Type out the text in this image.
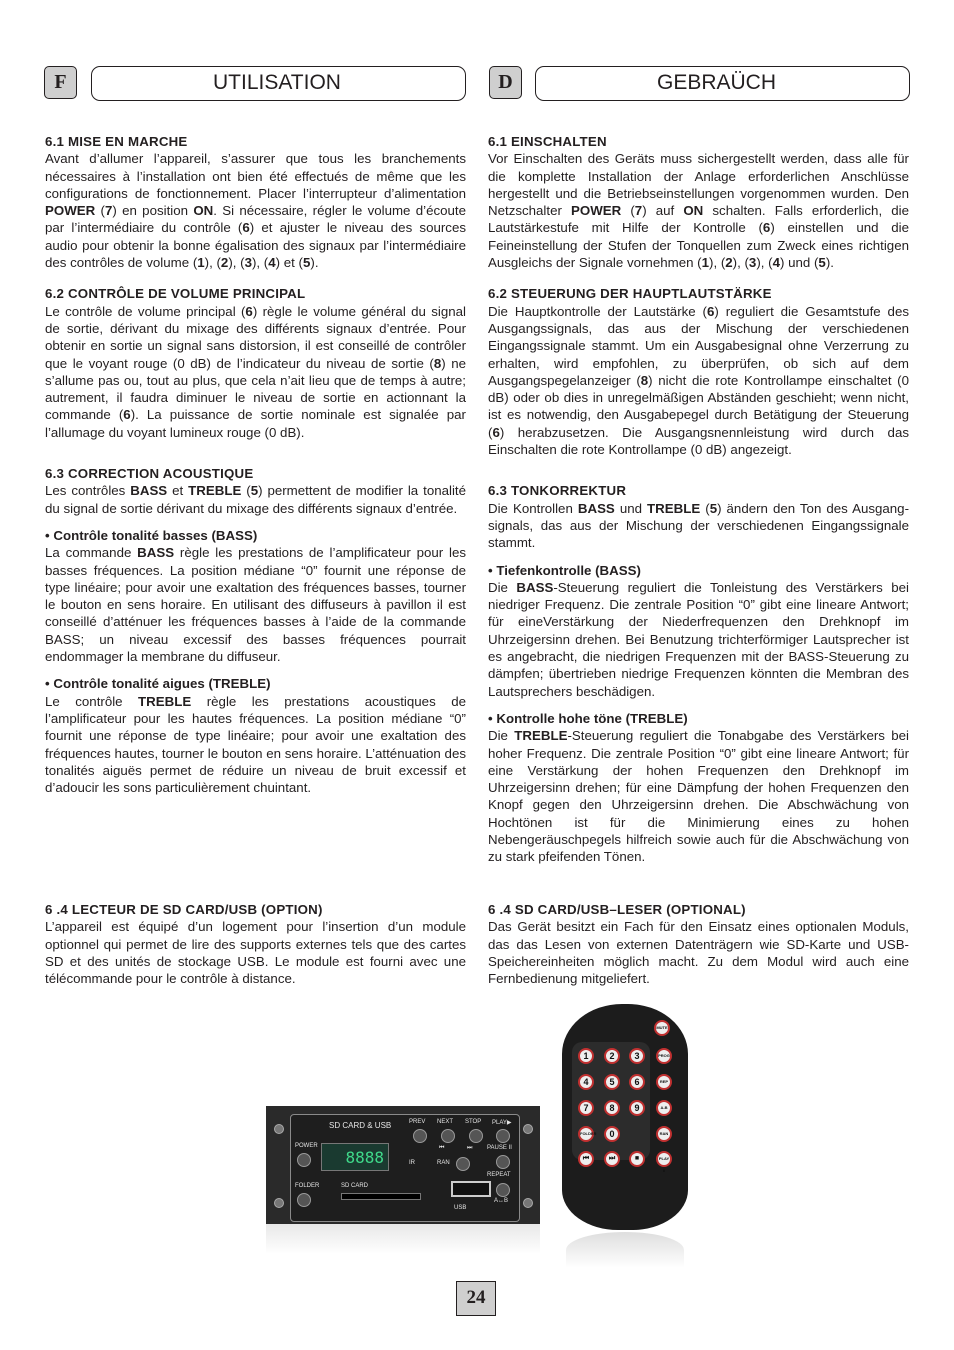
F	UTILISATION	D	GEBRAÜCH
6.1 MISE EN MARCHE

Avant d’allumer l’appareil, s’assurer que tous les branchements nécessaires à l’installation ont bien été effectués de même que les configurations de fonctionnement. Placer l’interrupteur d’alimentation POWER (7) en position ON. Si nécessaire, régler le volume d’écoute par l’intermédiaire du contrôle (6) et ajuster le niveau des sources audio pour obtenir la bonne égalisation des signaux par l’intermédiaire des contrôles de volume (1), (2), (3), (4) et (5).

6.2 CONTRÔLE DE VOLUME PRINCIPAL

Le contrôle de volume principal (6) règle le volume général du signal de sortie, dérivant du mixage des différents signaux d’entrée. Pour obtenir en sortie un signal sans distorsion, il est conseillé de contrôler que le voyant rouge (0 dB) de l’indicateur du niveau de sortie (8) ne s’allume pas ou, tout au plus, que cela n’ait lieu que de temps à autre; autrement, il faudra diminuer le niveau de sortie en actionnant la commande (6). La puissance de sortie nominale est signalée par l’allumage du voyant lumineux rouge (0 dB).

6.3 CORRECTION ACOUSTIQUE

Les contrôles BASS et TREBLE (5) permettent de modifier la tonalité du signal de sortie dérivant du mixage des différents signaux d’entrée.

• Contrôle tonalité basses (BASS)

La commande BASS règle les prestations de l’amplificateur pour les basses fréquences. La position médiane “0” fournit une réponse de type linéaire; pour avoir une exaltation des fréquences basses, tourner le bouton en sens horaire. En utilisant des diffuseurs à pavillon il est conseillé d’atténuer les fréquences basses à l’aide de la commande BASS; un niveau excessif des basses fréquences pourrait endommager la membrane du diffuseur.

• Contrôle tonalité aigues (TREBLE)

Le contrôle TREBLE règle les prestations acoustiques de l’amplificateur pour les hautes fréquences. La position médiane “0” fournit une réponse de type linéaire; pour avoir une exaltation des fréquences hautes, tourner le bouton en sens horaire. L’atténuation des tonalités aiguës permet de réduire un niveau de bruit excessif et d’adoucir les sons particulièrement chuintant.

6 .4 LECTEUR DE SD CARD/USB (OPTION)

L’appareil est équipé d’un logement pour l’insertion d’un module optionnel qui permet de lire des supports externes tels que des cartes SD et des unités de stockage USB. Le module est fourni avec une télécommande pour le contrôle à distance.

6.1 EINSCHALTEN

Vor Einschalten des Geräts muss sichergestellt werden, dass alle für die komplette Installation der Anlage erforderlichen Anschlüsse hergestellt und die Betriebseinstellungen vorgenommen wurden. Den Netzschalter POWER (7) auf ON schalten. Falls erforderlich, die Lautstärkestufe mit Hilfe der Kontrolle (6) einstellen und die Feineinstellung der Stufen der Tonquellen zum Zweck eines richtigen Ausgleichs der Signale vornehmen (1), (2), (3), (4) und (5).

6.2 STEUERUNG DER HAUPTLAUTSTÄRKE

Die Hauptkontrolle der Lautstärke (6) reguliert die Gesamtstufe des Ausgangssignals, das aus der Mischung der verschiedenen Eingangssignale stammt. Um ein Ausgabesignal ohne Verzerrung zu erhalten, wird empfohlen, zu überprüfen, ob sich auf dem Ausgangspegelanzeiger (8) nicht die rote Kontrollampe einschaltet (0 dB) oder ob dies in unregelmäßigen Abständen geschieht; wenn nicht, ist es notwendig, den Ausgabepegel durch Betätigung der Steuerung (6) herabzusetzen. Die Ausgangsnennleistung wird durch das Einschalten die rote Kontrollampe (0 dB) angezeigt.

6.3 TONKORREKTUR

Die Kontrollen BASS und TREBLE (5) ändern den Ton des Ausgang-signals, das aus der Mischung der verschiedenen Eingangssignale stammt.

• Tiefenkontrolle (BASS)

Die BASS-Steuerung reguliert die Tonleistung des Verstärkers bei niedriger Frequenz. Die zentrale Position “0” gibt eine lineare Antwort; für eineVerstärkung der Niederfrequenzen den Drehknopf im Uhrzeigersinn drehen. Bei Benutzung trichterförmiger Lautsprecher ist es angebracht, die niedrigen Frequenzen mit der BASS-Steuerung zu dämpfen; übertrieben niedrige Frequenzen könnten die Membran des Lautsprechers beschädigen.

• Kontrolle hohe töne (TREBLE)

Die TREBLE-Steuerung reguliert die Tonabgabe des Verstärkers bei hoher Frequenz. Die zentrale Position “0” gibt eine lineare Antwort; für eine Verstärkung der hohen Frequenzen den Drehknopf im Uhrzeigersinn drehen; für eine Dämpfung der hohen Frequenzen den Knopf gegen den Uhrzeigersinn drehen. Die Abschwächung von Hochtönen ist für die Minimierung eines zu hohen Nebengeräuschpegels hilfreich sowie auch für die Abschwächung von zu stark pfeifenden Tönen.

6 .4 SD CARD/USB–LESER (OPTIONAL)

Das Gerät besitzt ein Fach für den Einsatz eines optionalen Moduls, das das Lesen von externen Datenträgern wie SD-Karte und USB-Speichereinheiten möglich macht. Zu dem Modul wird auch eine Fernbedienung mitgeliefert.

SD CARD & USB	PREV NEXT STOP PLAY▶
POWER
8888	⏮	⏭
IR	RAN
PAUSE II
REPEAT
FOLDER	SD CARD
USB
A↔B
MUTE
1	2	3
4	5	6
7	8	9
FOLDER	0
PROG
REP
A-B
RAN
⏮	⏭	■	PLAY II
24
